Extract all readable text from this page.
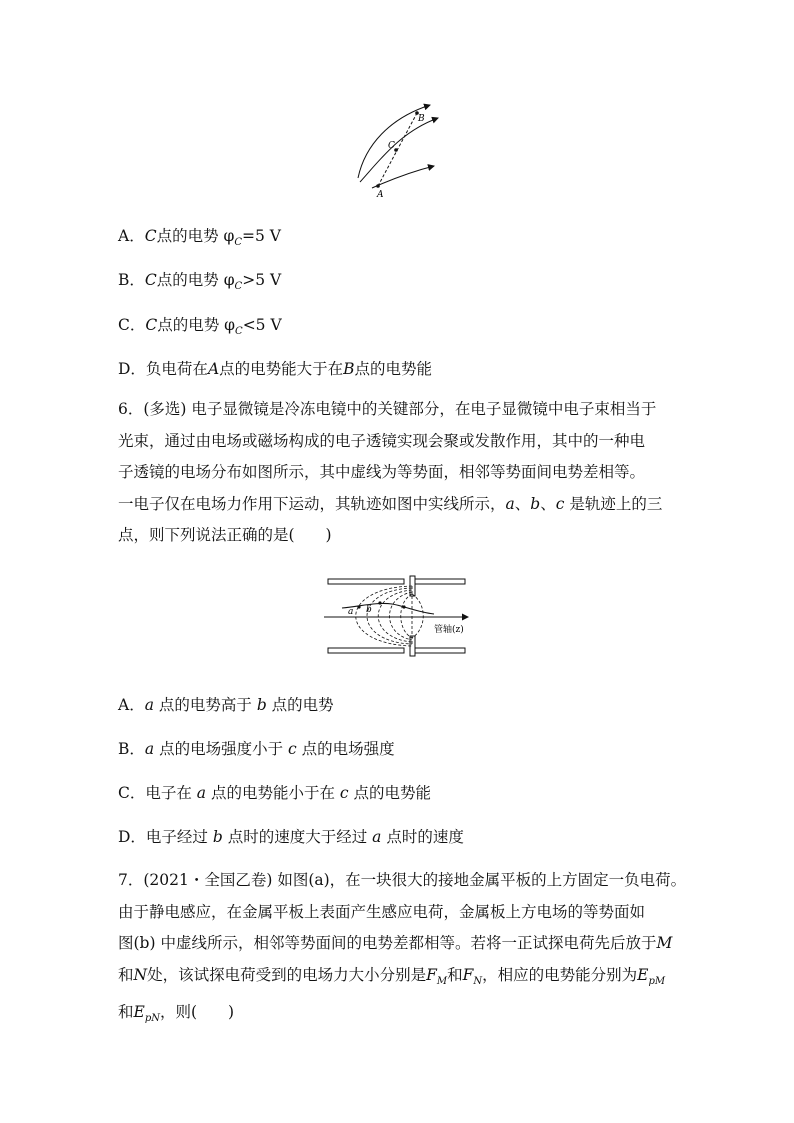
A
B
C
A．C点的电势 $\varphi_C=5$ V
B．C点的电势 $\varphi_C>5$ V
C．C点的电势 $\varphi_C<5$ V
D．负电荷在A点的电势能大于在B点的电势能
6．(多选) 电子显微镜是冷冻电镜中的关键部分，在电子显微镜中电子束相当于
光束，通过由电场或磁场构成的电子透镜实现会聚或发散作用，其中的一种电
子透镜的电场分布如图所示，其中虚线为等势面，相邻等势面间电势差相等。
一电子仅在电场力作用下运动，其轨迹如图中实线所示，a、b、c 是轨迹上的三
点，则下列说法正确的是(　　)
a b
管轴(z)
A．a 点的电势高于 b 点的电势
B．a 点的电场强度小于 c 点的电场强度
C．电子在 a 点的电势能小于在 c 点的电势能
D．电子经过 b 点时的速度大于经过 a 点时的速度
7．(2021・全国乙卷) 如图(a)，在一块很大的接地金属平板的上方固定一负电荷。
由于静电感应，在金属平板上表面产生感应电荷，金属板上方电场的等势面如
图(b) 中虚线所示，相邻等势面间的电势差都相等。若将一正试探电荷先后放于M
和N处，该试探电荷受到的电场力大小分别是$F_M$和$F_N$，相应的电势能分别为$E_{pM}$
和$E_{pN}$，则(　　)
